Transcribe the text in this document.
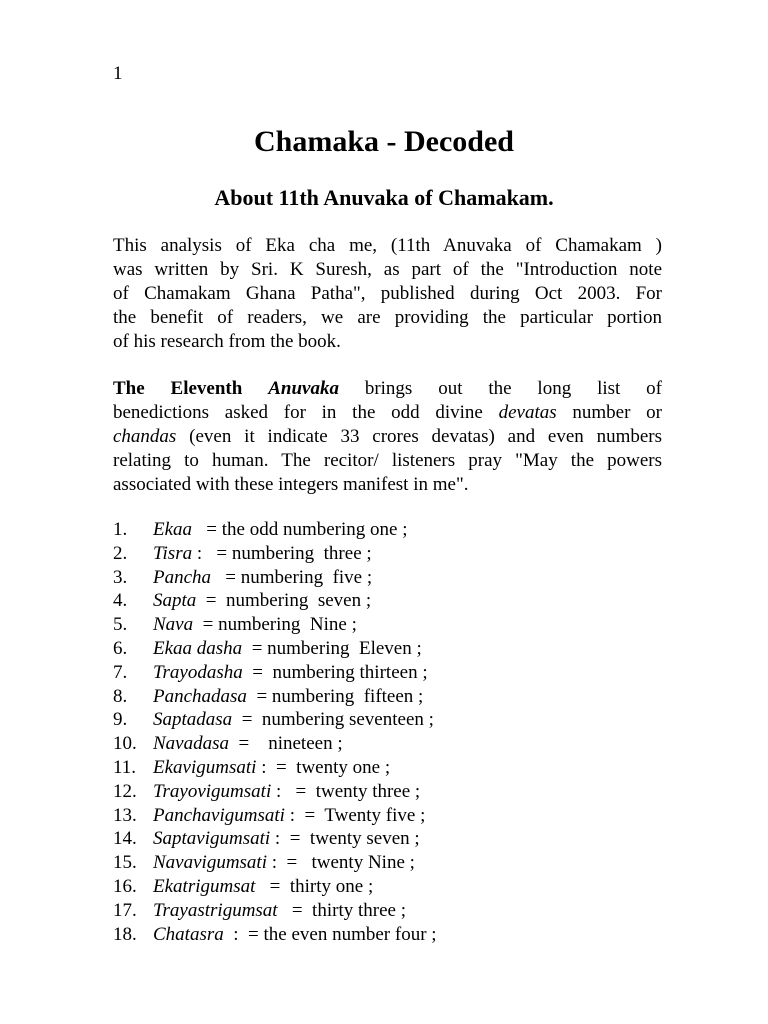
1
Chamaka - Decoded
About 11th Anuvaka of Chamakam.
This analysis of Eka cha me, (11th Anuvaka of Chamakam )
was written by Sri. K Suresh, as part of the "Introduction note
of Chamakam Ghana Patha", published during Oct 2003. For
the benefit of readers, we are providing the particular portion
of his research from the book.
The Eleventh Anuvaka brings out the long list of
benedictions asked for in the odd divine devatas number or
chandas (even it indicate 33 crores devatas) and even numbers
relating to human. The recitor/ listeners pray "May the powers
associated with these integers manifest in me".
1. Ekaa   = the odd numbering one ;
2. Tisra :   = numbering  three ;
3. Pancha   = numbering  five ;
4. Sapta  =  numbering  seven ;
5. Nava  = numbering  Nine ;
6. Ekaa dasha  = numbering  Eleven ;
7. Trayodasha  =  numbering thirteen ;
8. Panchadasa  = numbering  fifteen ;
9. Saptadasa  =  numbering seventeen ;
10. Navadasa  =    nineteen ;
11. Ekavigumsati :  =  twenty one ;
12. Trayovigumsati :   =  twenty three ;
13. Panchavigumsati :  =  Twenty five ;
14. Saptavigumsati :  =  twenty seven ;
15. Navavigumsati :  =   twenty Nine ;
16. Ekatrigumsat   =  thirty one ;
17. Trayastrigumsat   =  thirty three ;
18. Chatasra  :  = the even number four ;
